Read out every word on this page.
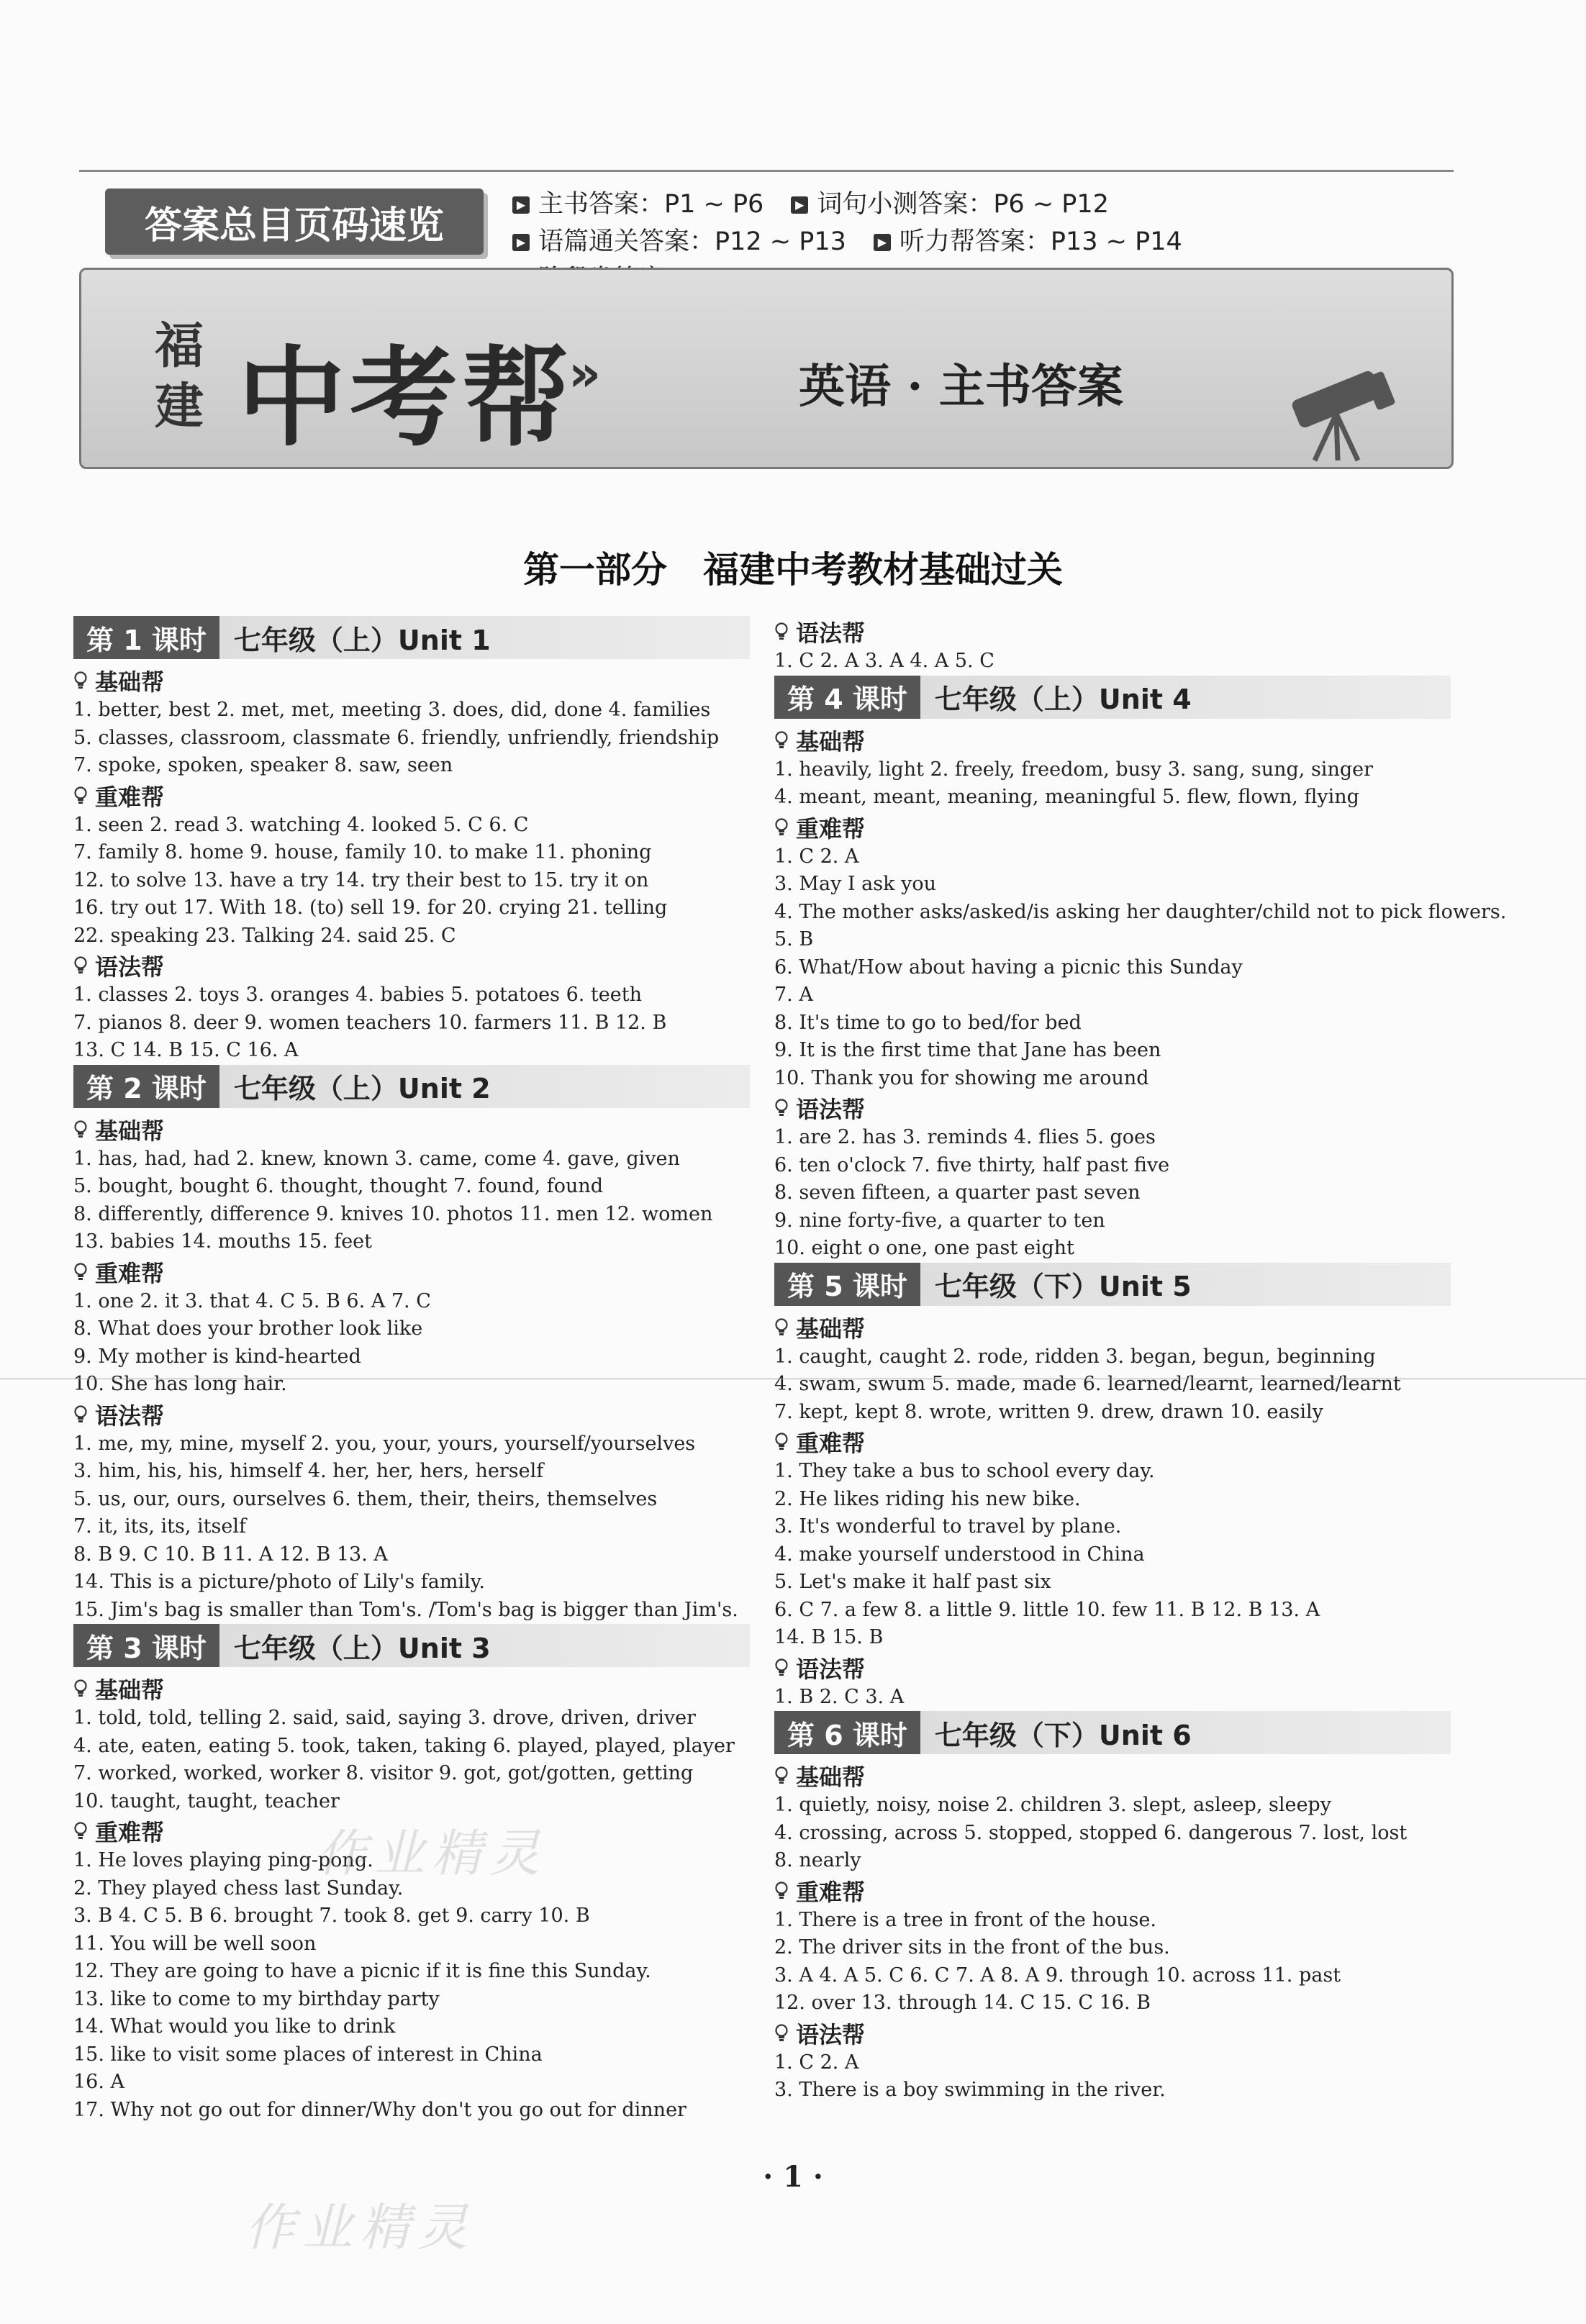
答案总目页码速览	▶ 主书答案：P1 ~ P6	▶ 词句小测答案：P6 ~ P12▶ 语篇通关答案：P12 ~ P13	▶ 听力帮答案：P13 ~ P14
福建 中考帮
»	英语 · 主书答案
第一部分　福建中考教材基础过关
第 1 课时	七年级（上）Unit 1
基础帮
1. better, best 2. met, met, meeting 3. does, did, done 4. families
5. classes, classroom, classmate 6. friendly, unfriendly, friendship
7. spoke, spoken, speaker 8. saw, seen
重难帮
1. seen 2. read 3. watching 4. looked 5. C 6. C
7. family 8. home 9. house, family 10. to make 11. phoning
12. to solve 13. have a try 14. try their best to 15. try it on
16. try out 17. With 18. (to) sell 19. for 20. crying 21. telling
22. speaking 23. Talking 24. said 25. C
语法帮
1. classes 2. toys 3. oranges 4. babies 5. potatoes 6. teeth
7. pianos 8. deer 9. women teachers 10. farmers 11. B 12. B
13. C 14. B 15. C 16. A
第 2 课时	七年级（上）Unit 2
基础帮
1. has, had, had 2. knew, known 3. came, come 4. gave, given
5. bought, bought 6. thought, thought 7. found, found
8. differently, difference 9. knives 10. photos 11. men 12. women
13. babies 14. mouths 15. feet
重难帮
1. one 2. it 3. that 4. C 5. B 6. A 7. C
8. What does your brother look like
9. My mother is kind-hearted
10. She has long hair.
语法帮
1. me, my, mine, myself 2. you, your, yours, yourself/yourselves
3. him, his, his, himself 4. her, her, hers, herself
5. us, our, ours, ourselves 6. them, their, theirs, themselves
7. it, its, its, itself
8. B 9. C 10. B 11. A 12. B 13. A
14. This is a picture/photo of Lily's family.
15. Jim's bag is smaller than Tom's. /Tom's bag is bigger than Jim's.
第 3 课时	七年级（上）Unit 3
基础帮
1. told, told, telling 2. said, said, saying 3. drove, driven, driver
4. ate, eaten, eating 5. took, taken, taking 6. played, played, player
7. worked, worked, worker 8. visitor 9. got, got/gotten, getting
10. taught, taught, teacher
重难帮
1. He loves playing ping-pong.
2. They played chess last Sunday.
3. B 4. C 5. B 6. brought 7. took 8. get 9. carry 10. B
11. You will be well soon
12. They are going to have a picnic if it is fine this Sunday.
13. like to come to my birthday party
14. What would you like to drink
15. like to visit some places of interest in China
16. A
17. Why not go out for dinner/Why don't you go out for dinner
语法帮
1. C 2. A 3. A 4. A 5. C
第 4 课时	七年级（上）Unit 4
基础帮
1. heavily, light 2. freely, freedom, busy 3. sang, sung, singer
4. meant, meant, meaning, meaningful 5. flew, flown, flying
重难帮
1. C 2. A
3. May I ask you
4. The mother asks/asked/is asking her daughter/child not to pick flowers.
5. B
6. What/How about having a picnic this Sunday
7. A
8. It's time to go to bed/for bed
9. It is the first time that Jane has been
10. Thank you for showing me around
语法帮
1. are 2. has 3. reminds 4. flies 5. goes
6. ten o'clock 7. five thirty, half past five
8. seven fifteen, a quarter past seven
9. nine forty-five, a quarter to ten
10. eight o one, one past eight
第 5 课时	七年级（下）Unit 5
基础帮
1. caught, caught 2. rode, ridden 3. began, begun, beginning
4. swam, swum 5. made, made 6. learned/learnt, learned/learnt
7. kept, kept 8. wrote, written 9. drew, drawn 10. easily
重难帮
1. They take a bus to school every day.
2. He likes riding his new bike.
3. It's wonderful to travel by plane.
4. make yourself understood in China
5. Let's make it half past six
6. C 7. a few 8. a little 9. little 10. few 11. B 12. B 13. A
14. B 15. B
语法帮
1. B 2. C 3. A
第 6 课时	七年级（下）Unit 6
基础帮
1. quietly, noisy, noise 2. children 3. slept, asleep, sleepy
4. crossing, across 5. stopped, stopped 6. dangerous 7. lost, lost
8. nearly
重难帮
1. There is a tree in front of the house.
2. The driver sits in the front of the bus.
3. A 4. A 5. C 6. C 7. A 8. A 9. through 10. across 11. past
12. over 13. through 14. C 15. C 16. B
语法帮
1. C 2. A
3. There is a boy swimming in the river.
作业精灵
作业精灵
· 1 ·
